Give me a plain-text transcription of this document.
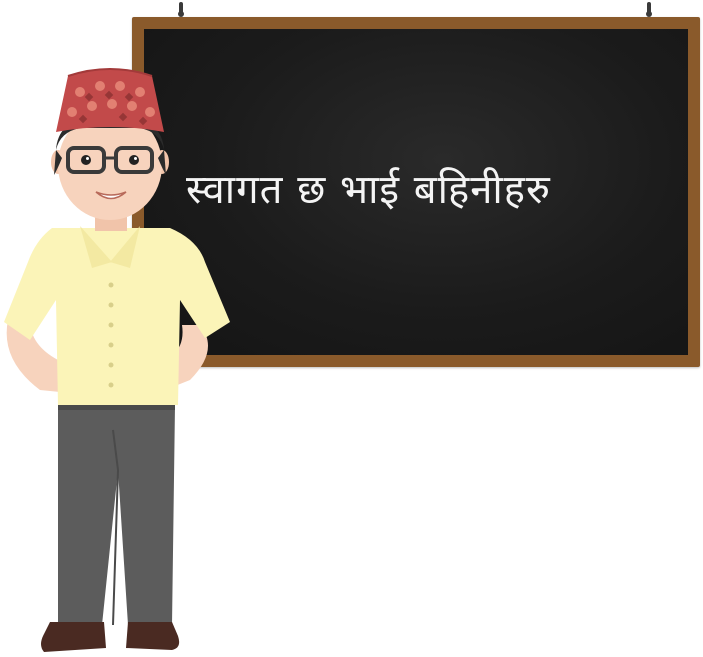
स्वागत छ भाई बहिनीहरु
